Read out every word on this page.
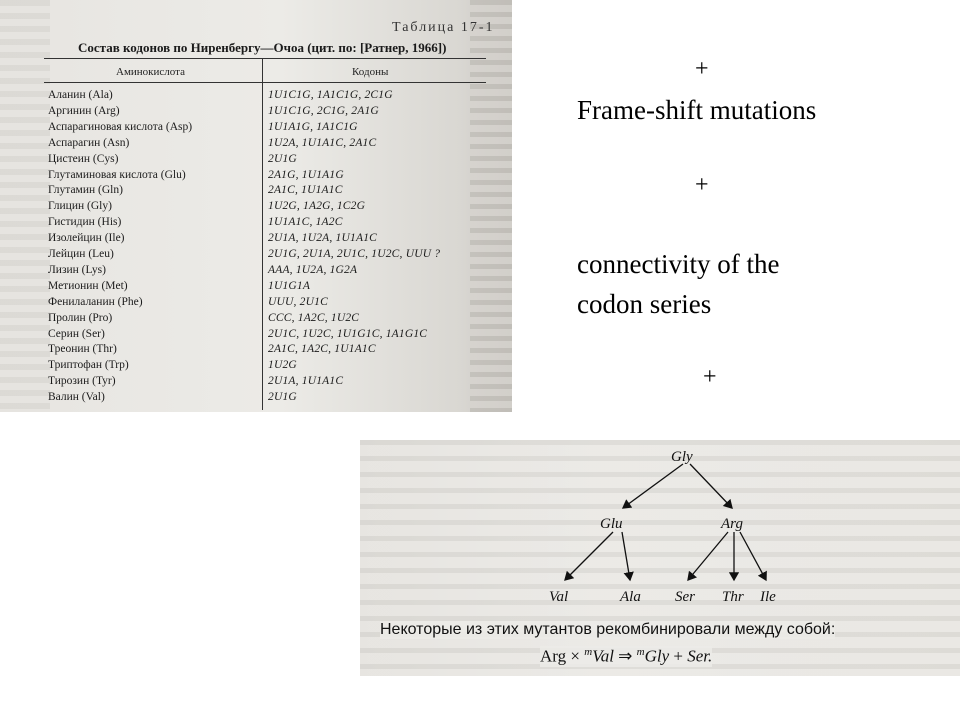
Таблица 17-1
Состав кодонов по Ниренбергу—Очоа (цит. по: [Ратнер, 1966])
Аминокислота	Кодоны
Аланин (Ala)	1U1C1G, 1A1C1G, 2C1G
Аргинин (Arg)	1U1C1G, 2C1G, 2A1G
Аспарагиновая кислота (Asp)	1U1A1G, 1A1C1G
Аспарагин (Asn)	1U2A, 1U1A1C, 2A1C
Цистеин (Cys)	2U1G
Глутаминовая кислота (Glu)	2A1G, 1U1A1G
Глутамин (Gln)	2A1C, 1U1A1C
Глицин (Gly)	1U2G, 1A2G, 1C2G
Гистидин (His)	1U1A1C, 1A2C
Изолейцин (Ile)	2U1A, 1U2A, 1U1A1C
Лейцин (Leu)	2U1G, 2U1A, 2U1C, 1U2C, UUU ?
Лизин (Lys)	AAA, 1U2A, 1G2A
Метионин (Met)	1U1G1A
Фенилаланин (Phe)	UUU, 2U1C
Пролин (Pro)	CCC, 1A2C, 1U2C
Серин (Ser)	2U1C, 1U2C, 1U1G1C, 1A1G1C
Треонин (Thr)	2A1C, 1A2C, 1U1A1C
Триптофан (Trp)	1U2G
Тирозин (Tyr)	2U1A, 1U1A1C
Валин (Val)	2U1G
+
Frame-shift mutations
+
connectivity of the
codon series
+
Gly
Glu	Arg
Val	Ala Ser Thr Ile
Некоторые из этих мутантов рекомбинировали между собой:
Arg × $^m$Val ⇒ $^m$Gly + Ser.
